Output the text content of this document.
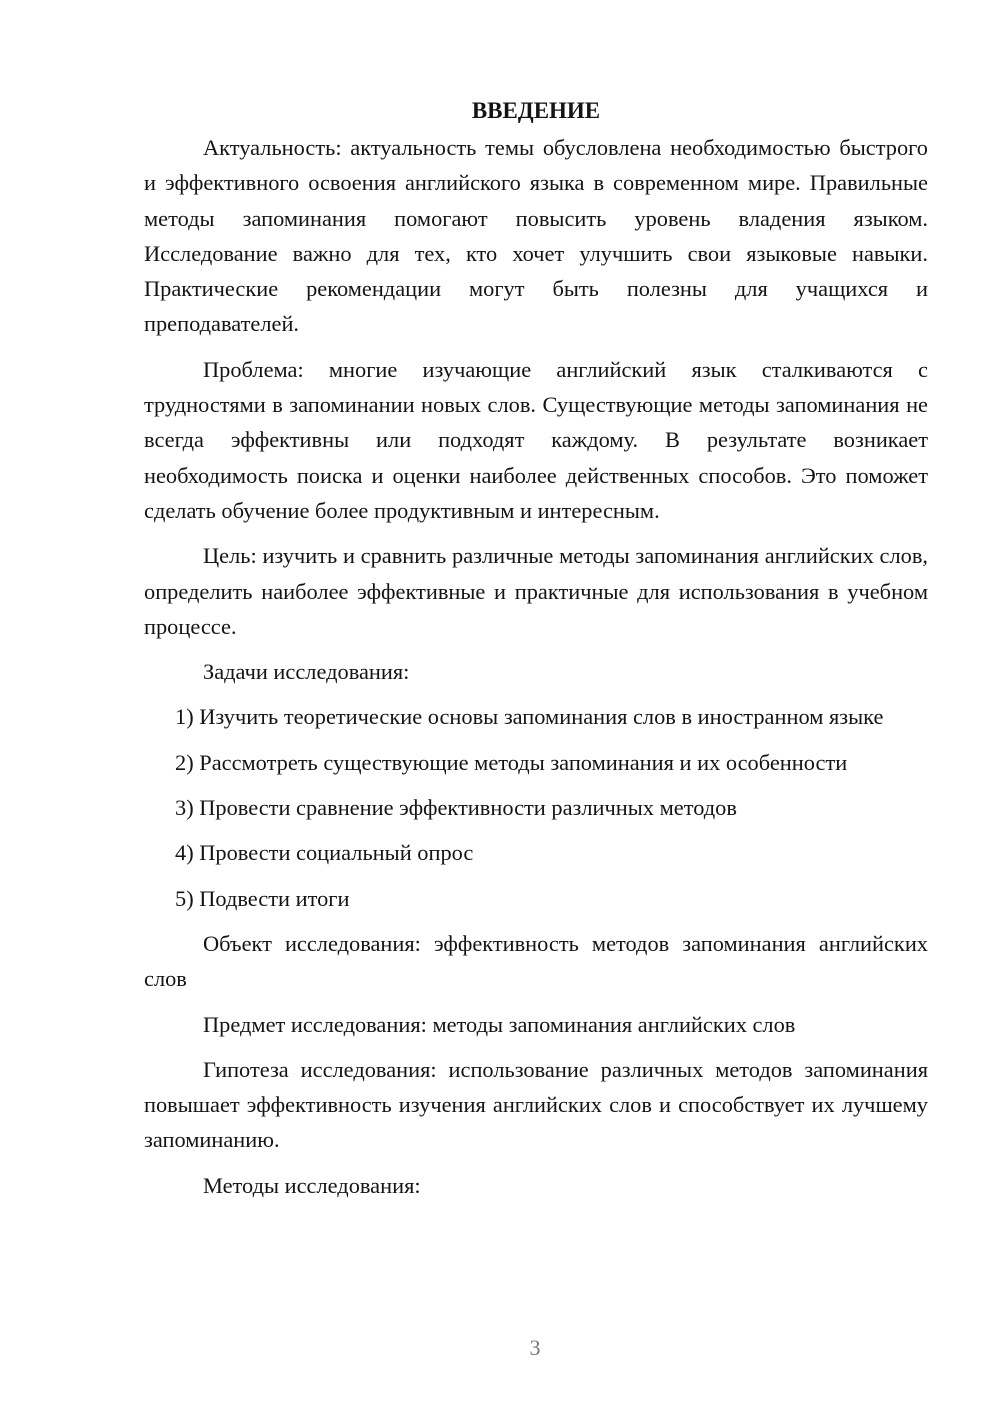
ВВЕДЕНИЕ

Актуальность: актуальность темы обусловлена необходимостью быстрого и эффективного освоения английского языка в современном мире. Правильные методы запоминания помогают повысить уровень владения языком. Исследование важно для тех, кто хочет улучшить свои языковые навыки. Практические рекомендации могут быть полезны для учащихся и преподавателей.

Проблема: многие изучающие английский язык сталкиваются с трудностями в запоминании новых слов. Существующие методы запоминания не всегда эффективны или подходят каждому. В результате возникает необходимость поиска и оценки наиболее действенных способов. Это поможет сделать обучение более продуктивным и интересным.

Цель: изучить и сравнить различные методы запоминания английских слов, определить наиболее эффективные и практичные для использования в учебном процессе.

Задачи исследования:

1) Изучить теоретические основы запоминания слов в иностранном языке

2) Рассмотреть существующие методы запоминания и их особенности

3) Провести сравнение эффективности различных методов

4) Провести социальный опрос

5) Подвести итоги

Объект исследования: эффективность методов запоминания английских слов

Предмет исследования: методы запоминания английских слов

Гипотеза исследования: использование различных методов запоминания повышает эффективность изучения английских слов и способствует их лучшему запоминанию.

Методы исследования:

3
